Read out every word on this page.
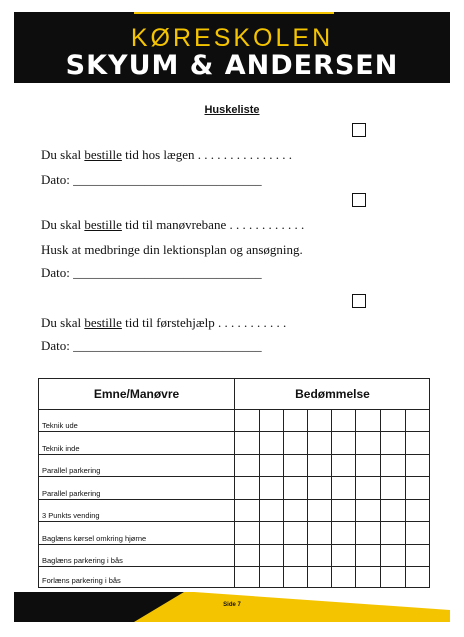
KØRESKOLEN
SKYUM & ANDERSEN
Huskeliste
Du skal bestille tid hos lægen . . . . . . . . . . . . . . .
Dato: _____________________________
Du skal bestille tid til manøvrebane . . . . . . . . . . . .
Husk at medbringe din lektionsplan og ansøgning.
Dato: _____________________________
Du skal bestille tid til førstehjælp . . . . . . . . . . .
Dato: _____________________________
Emne/Manøvre	Bedømmelse
Teknik ude
Teknik inde
Parallel parkering
Parallel parkering
3 Punkts vending
Baglæns kørsel omkring hjørne
Baglæns parkering i bås
Forlæns parkering i bås
Side 7
